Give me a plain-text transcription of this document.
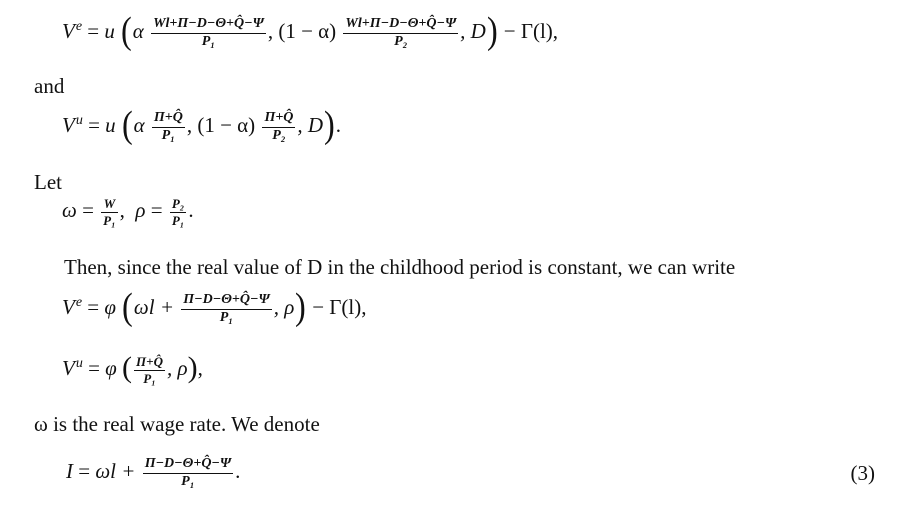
$V^e = u$ ($\alpha \frac{Wl+\Pi-D-\Theta+Q̂-\Psi}{\text{P₁}}$ , $(1 - \alpha) \frac{Wl+\Pi-D-\Theta+Q̂-\Psi}{\text{P₂}}$ , D) − Γ(l),
and
$V^u = u$ ($\alpha \frac{\Pi+Q̂}{\text{P₁}}$ , $(1 - \alpha) \frac{\Pi+Q̂}{\text{P₂}}$ , D).
Let
$\omega = \frac{W}{\text{P₁}}$ , $\rho = \frac{\text{P₂}}{\text{P₁}}$ .
Then, since the real value of D in the childhood period is constant, we can write
$V^e = \varphi$ ($\omega l + \frac{\Pi-D-\Theta+Q̂-\Psi}{\text{P₁}}$ , ρ) − Γ(l),
$V^u = \varphi$ ( $\frac{\Pi+Q̂}{\text{P₁}}$ , ρ),
ω is the real wage rate. We denote
$I = \omega l + \frac{\Pi-D-\Theta+Q̂-\Psi}{\text{P₁}}$ .	(3)
